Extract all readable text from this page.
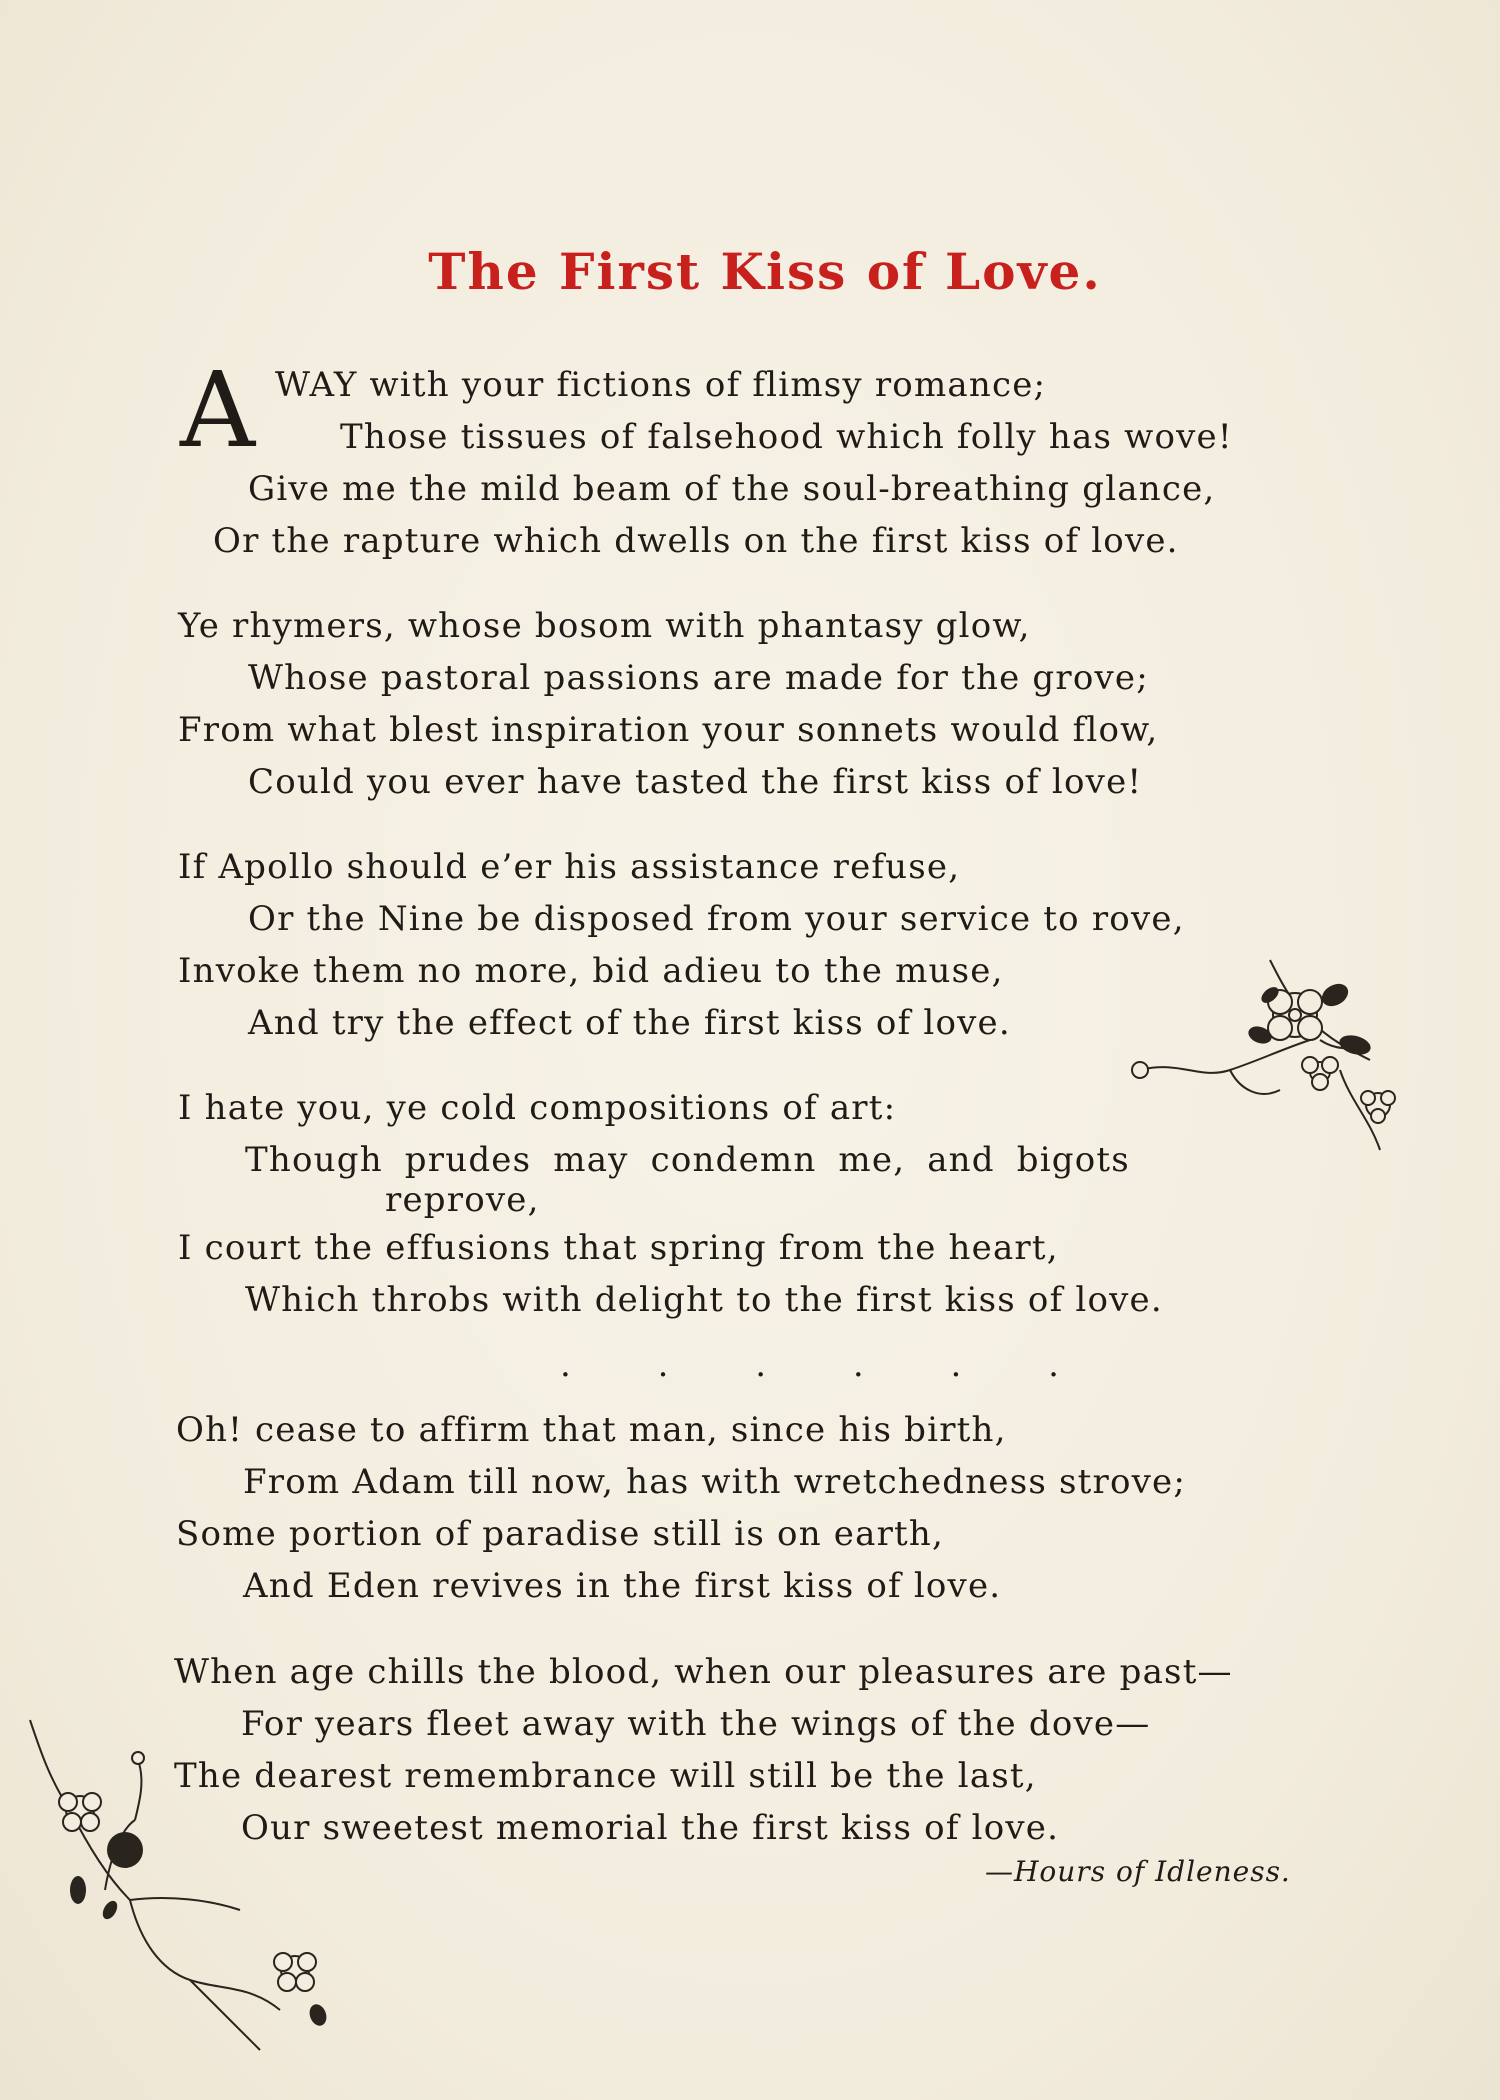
The First Kiss of Love.
A WAY with your fictions of flimsy romance;
Those tissues of falsehood which folly has wove!
Give me the mild beam of the soul-breathing glance,
Or the rapture which dwells on the first kiss of love.
Ye rhymers, whose bosom with phantasy glow,
Whose pastoral passions are made for the grove;
From what blest inspiration your sonnets would flow,
Could you ever have tasted the first kiss of love!
If Apollo should e’er his assistance refuse,
Or the Nine be disposed from your service to rove,
Invoke them no more, bid adieu to the muse,
And try the effect of the first kiss of love.
I hate you, ye cold compositions of art:
Though prudes may condemn me, and bigots
reprove,
I court the effusions that spring from the heart,
Which throbs with delight to the first kiss of love.
. . . . . .
Oh! cease to affirm that man, since his birth,
From Adam till now, has with wretchedness strove;
Some portion of paradise still is on earth,
And Eden revives in the first kiss of love.
When age chills the blood, when our pleasures are past—
For years fleet away with the wings of the dove—
The dearest remembrance will still be the last,
Our sweetest memorial the first kiss of love.
—Hours of Idleness.
